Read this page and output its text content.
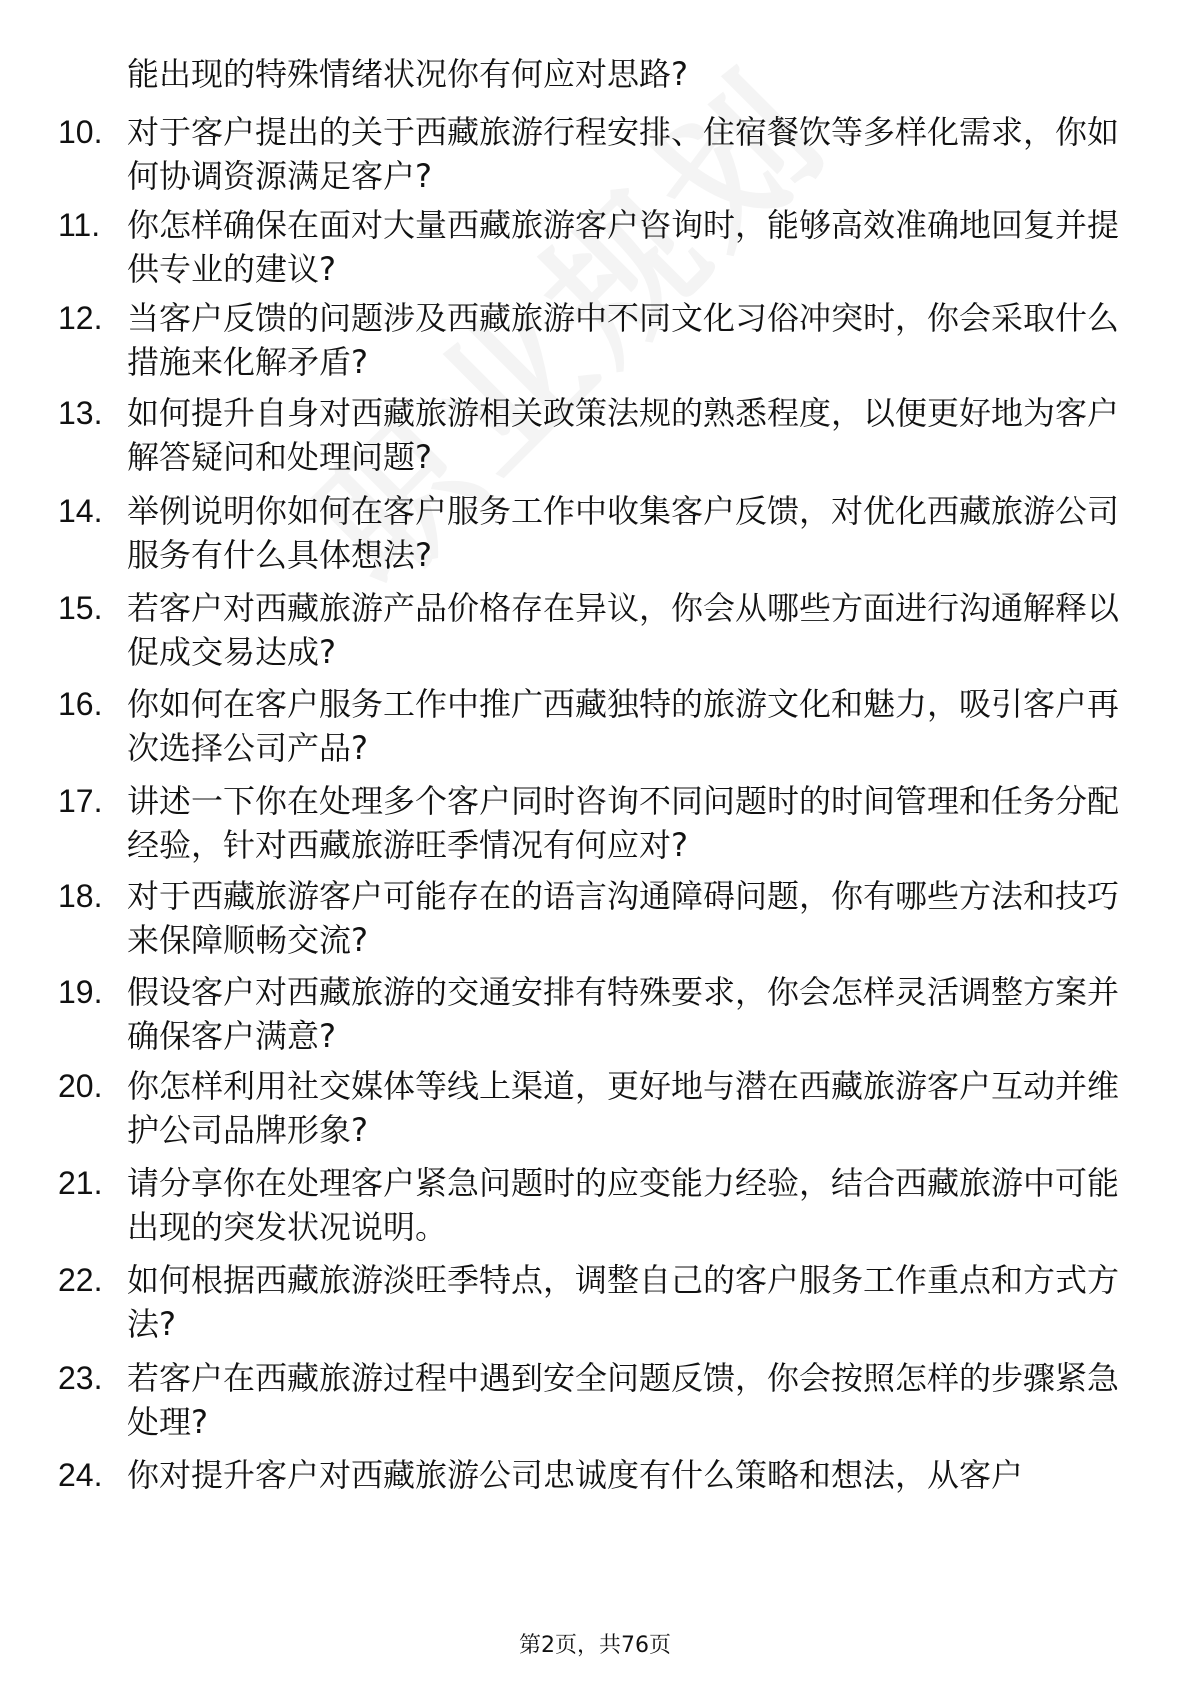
能出现的特殊情绪状况你有何应对思路?
10. 对于客户提出的关于西藏旅游行程安排、住宿餐饮等多样化需求，你如何协调资源满足客户?
11. 你怎样确保在面对大量西藏旅游客户咨询时，能够高效准确地回复并提供专业的建议?
12. 当客户反馈的问题涉及西藏旅游中不同文化习俗冲突时，你会采取什么措施来化解矛盾?
13. 如何提升自身对西藏旅游相关政策法规的熟悉程度，以便更好地为客户解答疑问和处理问题?
14. 举例说明你如何在客户服务工作中收集客户反馈，对优化西藏旅游公司服务有什么具体想法?
15. 若客户对西藏旅游产品价格存在异议，你会从哪些方面进行沟通解释以促成交易达成?
16. 你如何在客户服务工作中推广西藏独特的旅游文化和魅力，吸引客户再次选择公司产品?
17. 讲述一下你在处理多个客户同时咨询不同问题时的时间管理和任务分配经验，针对西藏旅游旺季情况有何应对?
18. 对于西藏旅游客户可能存在的语言沟通障碍问题，你有哪些方法和技巧来保障顺畅交流?
19. 假设客户对西藏旅游的交通安排有特殊要求，你会怎样灵活调整方案并确保客户满意?
20. 你怎样利用社交媒体等线上渠道，更好地与潜在西藏旅游客户互动并维护公司品牌形象?
21. 请分享你在处理客户紧急问题时的应变能力经验，结合西藏旅游中可能出现的突发状况说明。
22. 如何根据西藏旅游淡旺季特点，调整自己的客户服务工作重点和方式方法?
23. 若客户在西藏旅游过程中遇到安全问题反馈，你会按照怎样的步骤紧急处理?
24. 你对提升客户对西藏旅游公司忠诚度有什么策略和想法，从客户
第2页，共76页
